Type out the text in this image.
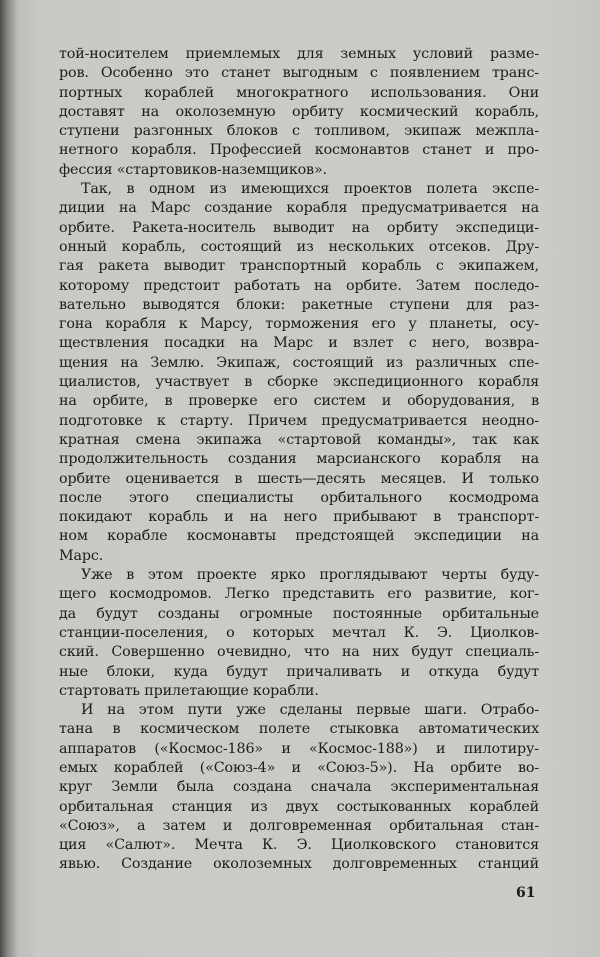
той-носителем приемлемых для земных условий разме-
ров. Особенно это станет выгодным с появлением транс-
портных кораблей многократного использования. Они
доставят на околоземную орбиту космический корабль,
ступени разгонных блоков с топливом, экипаж межпла-
нетного корабля. Профессией космонавтов станет и про-
фессия «стартовиков-наземщиков».
Так, в одном из имеющихся проектов полета экспе-
диции на Марс создание корабля предусматривается на
орбите. Ракета-носитель выводит на орбиту экспедици-
онный корабль, состоящий из нескольких отсеков. Дру-
гая ракета выводит транспортный корабль с экипажем,
которому предстоит работать на орбите. Затем последо-
вательно выводятся блоки: ракетные ступени для раз-
гона корабля к Марсу, торможения его у планеты, осу-
ществления посадки на Марс и взлет с него, возвра-
щения на Землю. Экипаж, состоящий из различных спе-
циалистов, участвует в сборке экспедиционного корабля
на орбите, в проверке его систем и оборудования, в
подготовке к старту. Причем предусматривается неодно-
кратная смена экипажа «стартовой команды», так как
продолжительность создания марсианского корабля на
орбите оценивается в шесть—десять месяцев. И только
после этого специалисты орбитального космодрома
покидают корабль и на него прибывают в транспорт-
ном корабле космонавты предстоящей экспедиции на
Марс.
Уже в этом проекте ярко проглядывают черты буду-
щего космодромов. Легко представить его развитие, ког-
да будут созданы огромные постоянные орбитальные
станции-поселения, о которых мечтал К. Э. Циолков-
ский. Совершенно очевидно, что на них будут специаль-
ные блоки, куда будут причаливать и откуда будут
стартовать прилетающие корабли.
И на этом пути уже сделаны первые шаги. Отрабо-
тана в космическом полете стыковка автоматических
аппаратов («Космос-186» и «Космос-188») и пилотиру-
емых кораблей («Союз-4» и «Союз-5»). На орбите во-
круг Земли была создана сначала экспериментальная
орбитальная станция из двух состыкованных кораблей
«Союз», а затем и долговременная орбитальная стан-
ция «Салют». Мечта К. Э. Циолковского становится
явью. Создание околоземных долговременных станций
61
